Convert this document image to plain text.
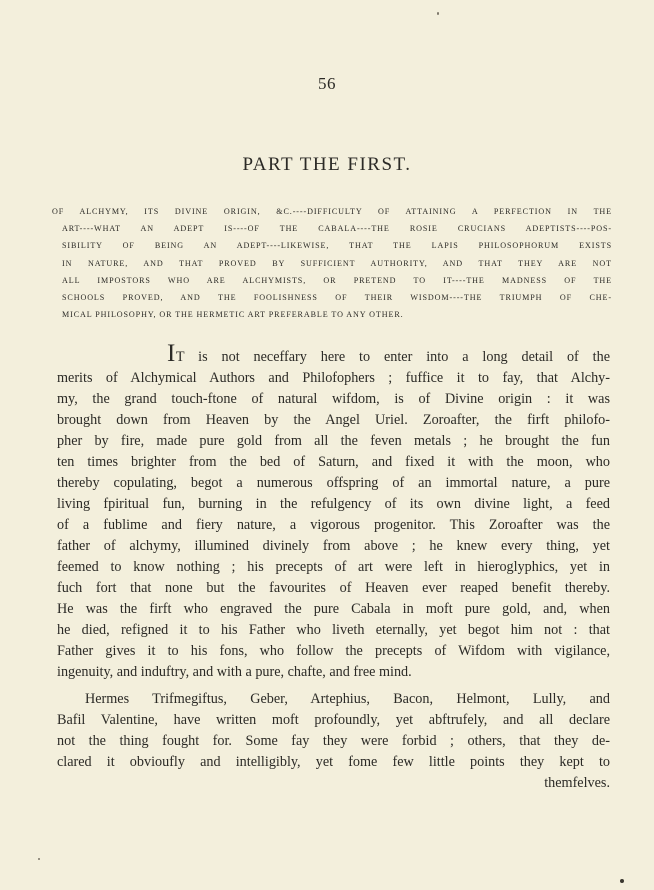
56
PART THE FIRST.
OF ALCHYMY, ITS DIVINE ORIGIN, &C.----DIFFICULTY OF ATTAINING A PERFECTION IN THE
ART----WHAT AN ADEPT IS----OF THE CABALA----THE ROSIE CRUCIANS ADEPTISTS----POS-
SIBILITY OF BEING AN ADEPT----LIKEWISE, THAT THE LAPIS PHILOSOPHORUM EXISTS
IN NATURE, AND THAT PROVED BY SUFFICIENT AUTHORITY, AND THAT THEY ARE NOT
ALL IMPOSTORS WHO ARE ALCHYMISTS, OR PRETEND TO IT----THE MADNESS OF THE
SCHOOLS PROVED, AND THE FOOLISHNESS OF THEIR WISDOM----THE TRIUMPH OF CHE-
MICAL PHILOSOPHY, OR THE HERMETIC ART PREFERABLE TO ANY OTHER.
IT is not neceffary here to enter into a long detail of the
merits of Alchymical Authors and Philofophers ; fuffice it to fay, that Alchy-
my, the grand touch-ftone of natural wifdom, is of Divine origin : it was
brought down from Heaven by the Angel Uriel. Zoroafter, the firft philofo-
pher by fire, made pure gold from all the feven metals ; he brought the fun
ten times brighter from the bed of Saturn, and fixed it with the moon, who
thereby copulating, begot a numerous offspring of an immortal nature, a pure
living fpiritual fun, burning in the refulgency of its own divine light, a feed
of a fublime and fiery nature, a vigorous progenitor. This Zoroafter was the
father of alchymy, illumined divinely from above ; he knew every thing, yet
feemed to know nothing ; his precepts of art were left in hieroglyphics, yet in
fuch fort that none but the favourites of Heaven ever reaped benefit thereby.
He was the firft who engraved the pure Cabala in moft pure gold, and, when
he died, refigned it to his Father who liveth eternally, yet begot him not : that
Father gives it to his fons, who follow the precepts of Wifdom with vigilance,
ingenuity, and induftry, and with a pure, chafte, and free mind.
Hermes Trifmegiftus, Geber, Artephius, Bacon, Helmont, Lully, and
Bafil Valentine, have written moft profoundly, yet abftrufely, and all declare
not the thing fought for. Some fay they were forbid ; others, that they de-
clared it obvioufly and intelligibly, yet fome few little points they kept to
themfelves.
